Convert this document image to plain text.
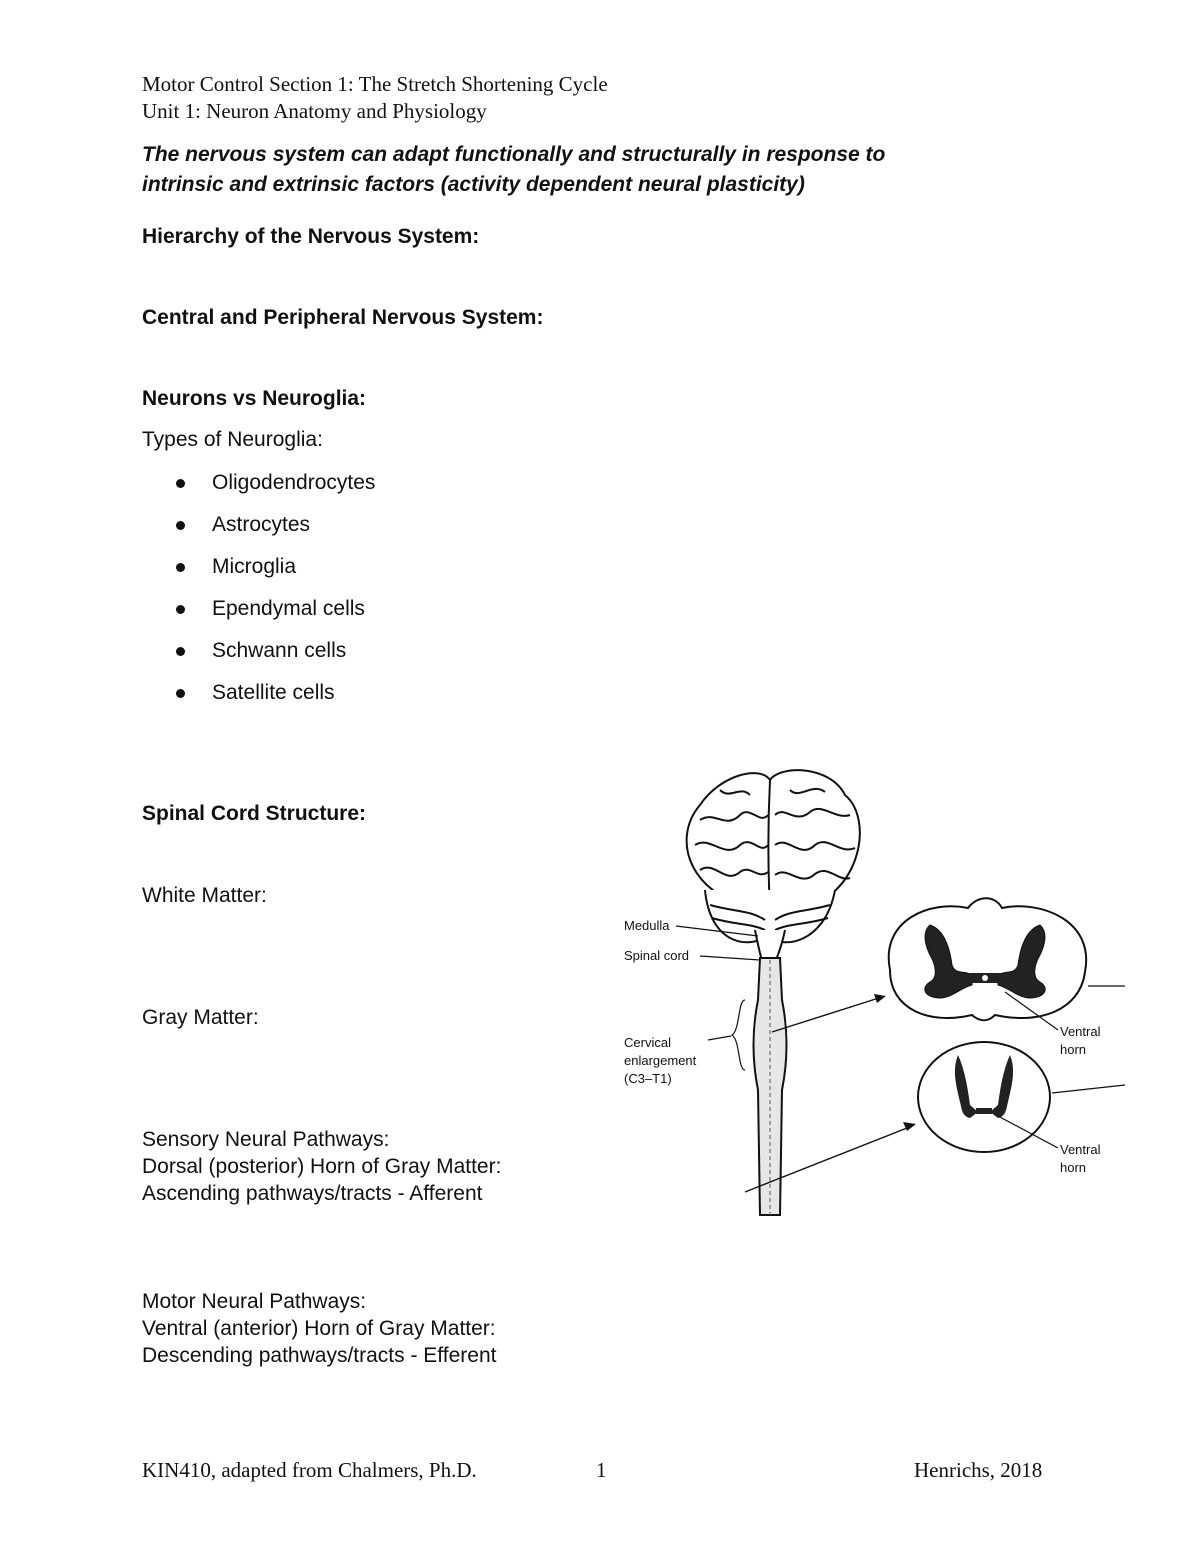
Motor Control Section 1: The Stretch Shortening Cycle
Unit 1: Neuron Anatomy and Physiology
The nervous system can adapt functionally and structurally in response to
intrinsic and extrinsic factors (activity dependent neural plasticity)
Hierarchy of the Nervous System:
Central and Peripheral Nervous System:
Neurons vs Neuroglia:
Types of Neuroglia:
Oligodendrocytes
Astrocytes
Microglia
Ependymal cells
Schwann cells
Satellite cells
Spinal Cord Structure:
White Matter:
Gray Matter:
Sensory Neural Pathways:
Dorsal (posterior) Horn of Gray Matter:
Ascending pathways/tracts - Afferent
Motor Neural Pathways:
Ventral (anterior) Horn of Gray Matter:
Descending pathways/tracts - Efferent
Medulla
Spinal cord
Cervical
enlargement
(C3–T1)
Ventral
horn
Ventral
horn
KIN410, adapted from Chalmers, Ph.D.	1	Henrichs, 2018
